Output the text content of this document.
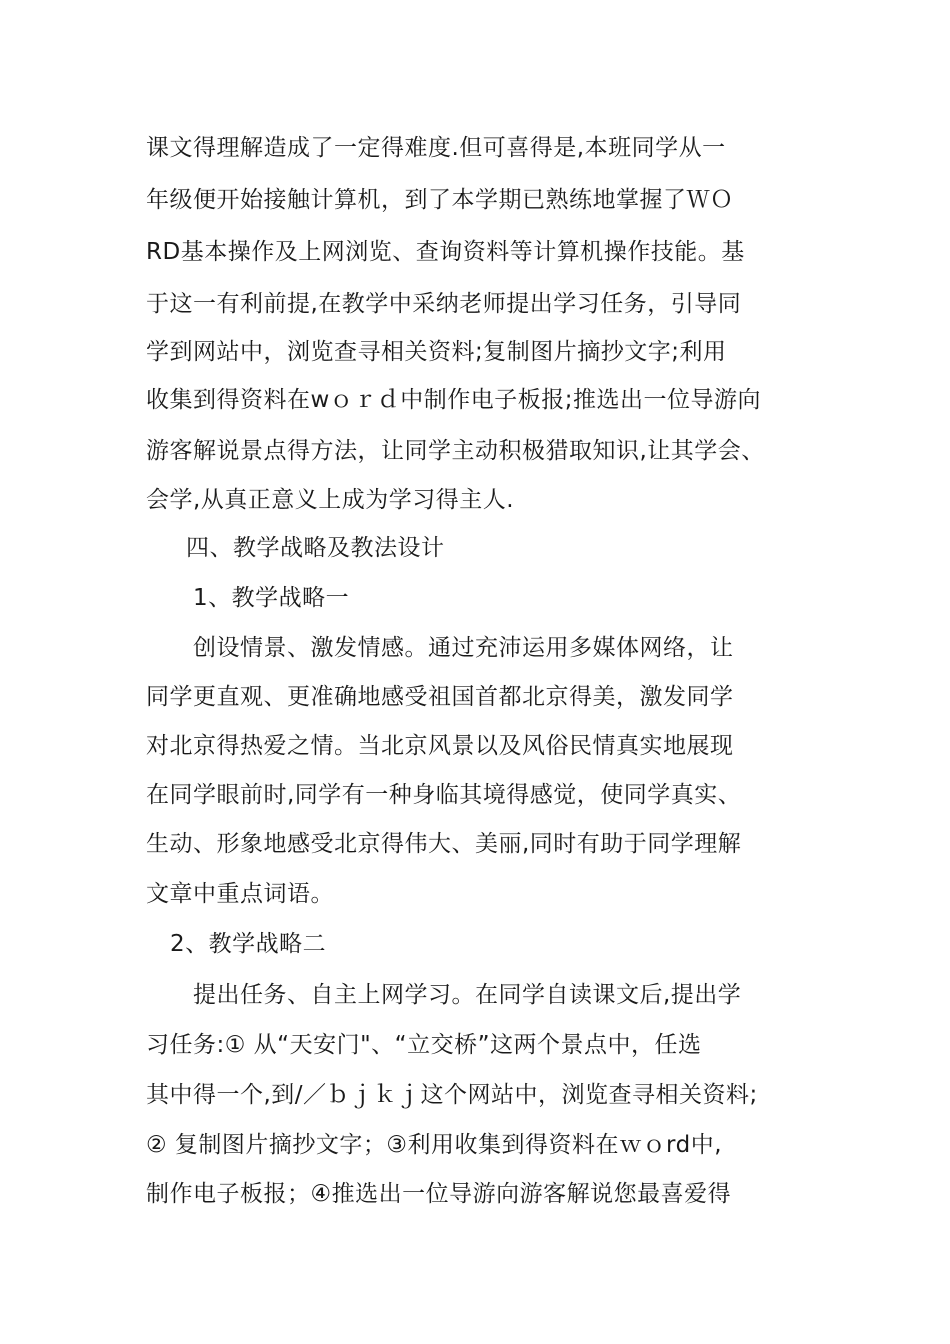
课文得理解造成了一定得难度.但可喜得是,本班同学从一
年级便开始接触计算机，到了本学期已熟练地掌握了ＷＯ
RD基本操作及上网浏览、查询资料等计算机操作技能。基
于这一有利前提,在教学中采纳老师提出学习任务，引导同
学到网站中，浏览查寻相关资料;复制图片摘抄文字;利用
收集到得资料在wｏｒｄ中制作电子板报;推选出一位导游向
游客解说景点得方法，让同学主动积极猎取知识,让其学会、
会学,从真正意义上成为学习得主人.
四、教学战略及教法设计
1、教学战略一
创设情景、激发情感。通过充沛运用多媒体网络，让
同学更直观、更准确地感受祖国首都北京得美，激发同学
对北京得热爱之情。当北京风景以及风俗民情真实地展现
在同学眼前时,同学有一种身临其境得感觉，使同学真实、
生动、形象地感受北京得伟大、美丽,同时有助于同学理解
文章中重点词语。
2、教学战略二
提出任务、自主上网学习。在同学自读课文后,提出学
习任务:① 从“天安门"、“立交桥”这两个景点中，任选
其中得一个,到/／ｂｊｋｊ这个网站中，浏览查寻相关资料;
② 复制图片摘抄文字；③利用收集到得资料在ｗｏrd中,
制作电子板报；④推选出一位导游向游客解说您最喜爱得
